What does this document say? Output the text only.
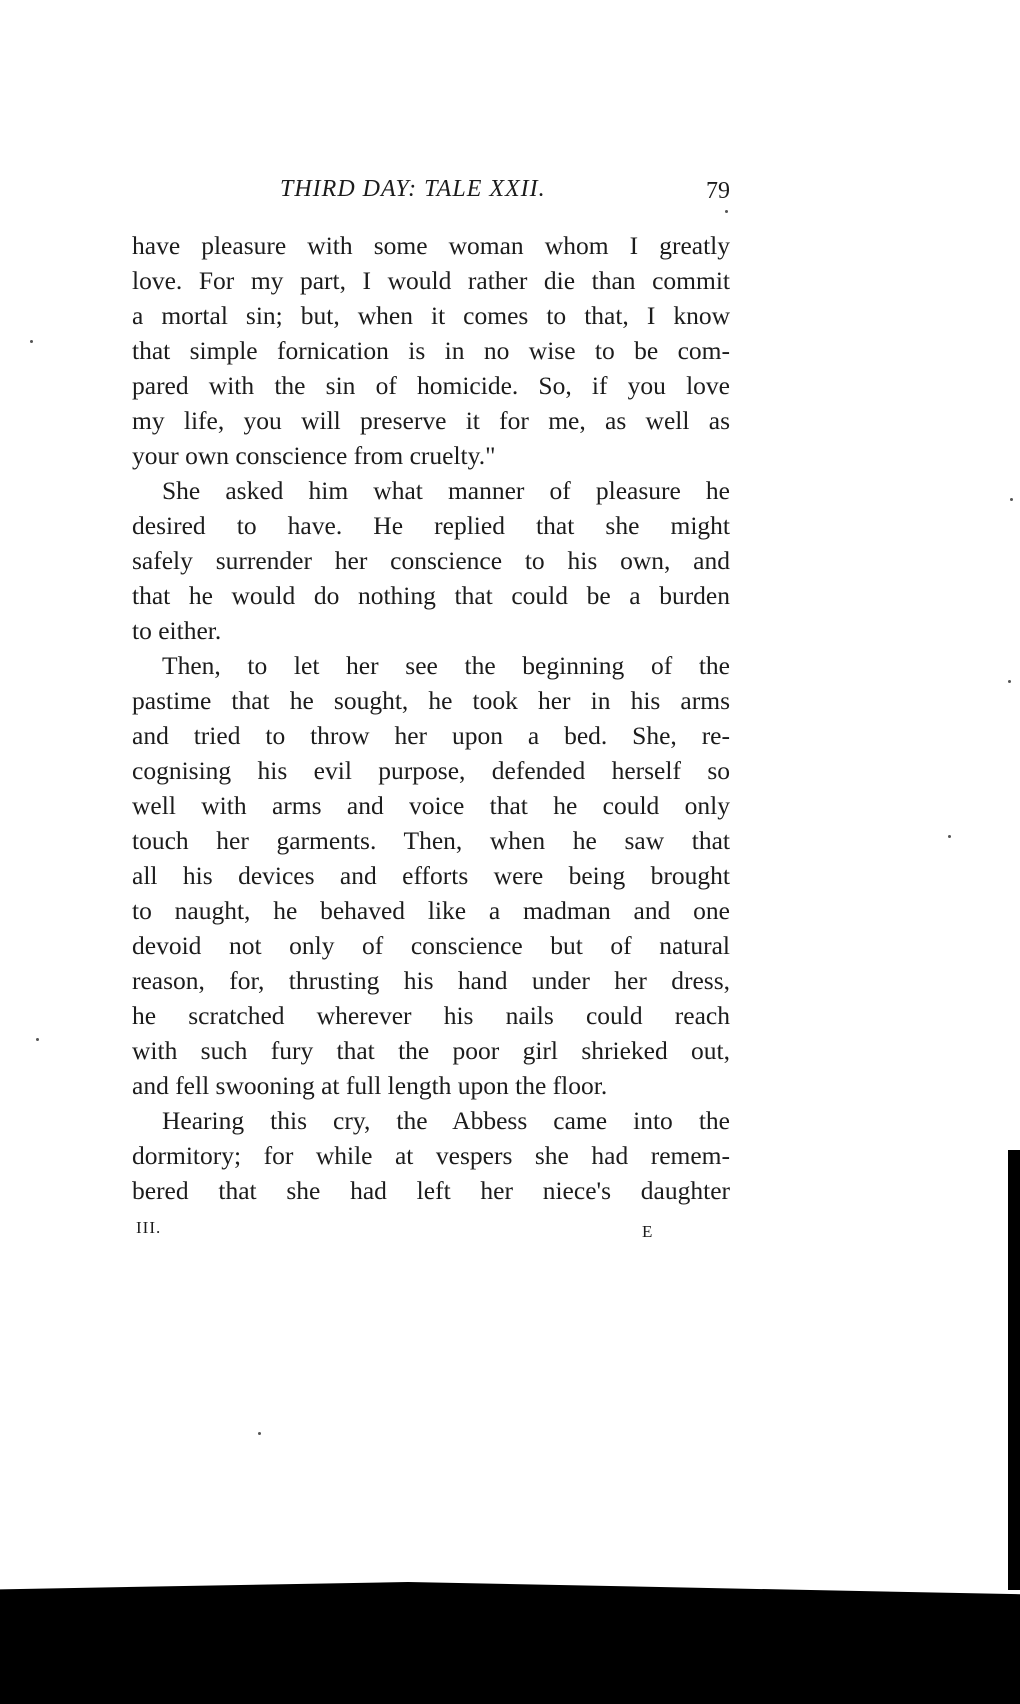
THIRD DAY: TALE XXII.	79
have pleasure with some woman whom I greatly
love. For my part, I would rather die than commit
a mortal sin; but, when it comes to that, I know
that simple fornication is in no wise to be com-
pared with the sin of homicide. So, if you love
my life, you will preserve it for me, as well as
your own conscience from cruelty."
She asked him what manner of pleasure he
desired to have. He replied that she might
safely surrender her conscience to his own, and
that he would do nothing that could be a burden
to either.
Then, to let her see the beginning of the
pastime that he sought, he took her in his arms
and tried to throw her upon a bed. She, re-
cognising his evil purpose, defended herself so
well with arms and voice that he could only
touch her garments. Then, when he saw that
all his devices and efforts were being brought
to naught, he behaved like a madman and one
devoid not only of conscience but of natural
reason, for, thrusting his hand under her dress,
he scratched wherever his nails could reach
with such fury that the poor girl shrieked out,
and fell swooning at full length upon the floor.
Hearing this cry, the Abbess came into the
dormitory; for while at vespers she had remem-
bered that she had left her niece's daughter
III.	E
